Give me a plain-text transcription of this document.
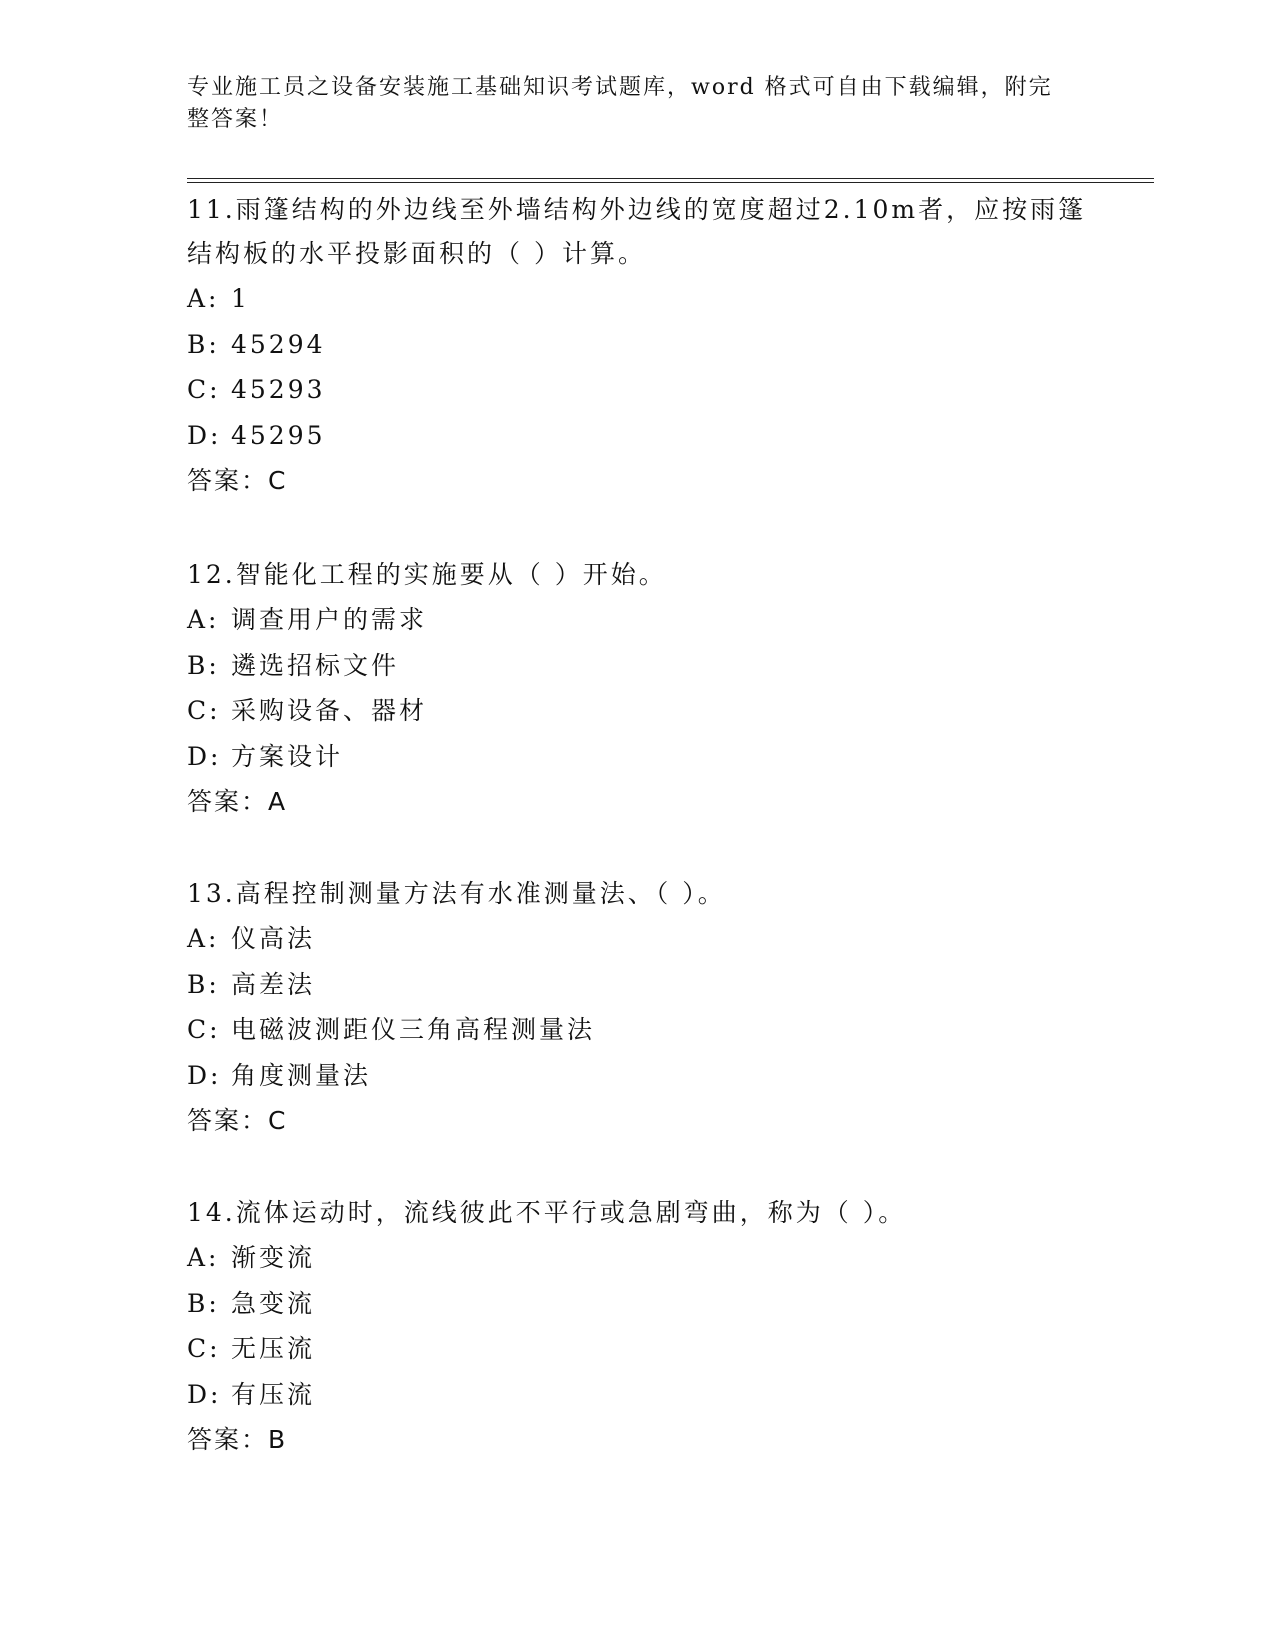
专业施工员之设备安装施工基础知识考试题库，word 格式可自由下载编辑，附完
整答案！

11.雨篷结构的外边线至外墙结构外边线的宽度超过2.10m者，应按雨篷结构板的水平投影面积的（ ）计算。

A: 1

B: 45294

C: 45293

D: 45295

答案：C

12.智能化工程的实施要从（ ）开始。

A: 调查用户的需求

B: 遴选招标文件

C: 采购设备、器材

D: 方案设计

答案：A

13.高程控制测量方法有水准测量法、（ ）。

A: 仪高法

B: 高差法

C: 电磁波测距仪三角高程测量法

D: 角度测量法

答案：C

14.流体运动时，流线彼此不平行或急剧弯曲，称为（ ）。

A: 渐变流

B: 急变流

C: 无压流

D: 有压流

答案：B
